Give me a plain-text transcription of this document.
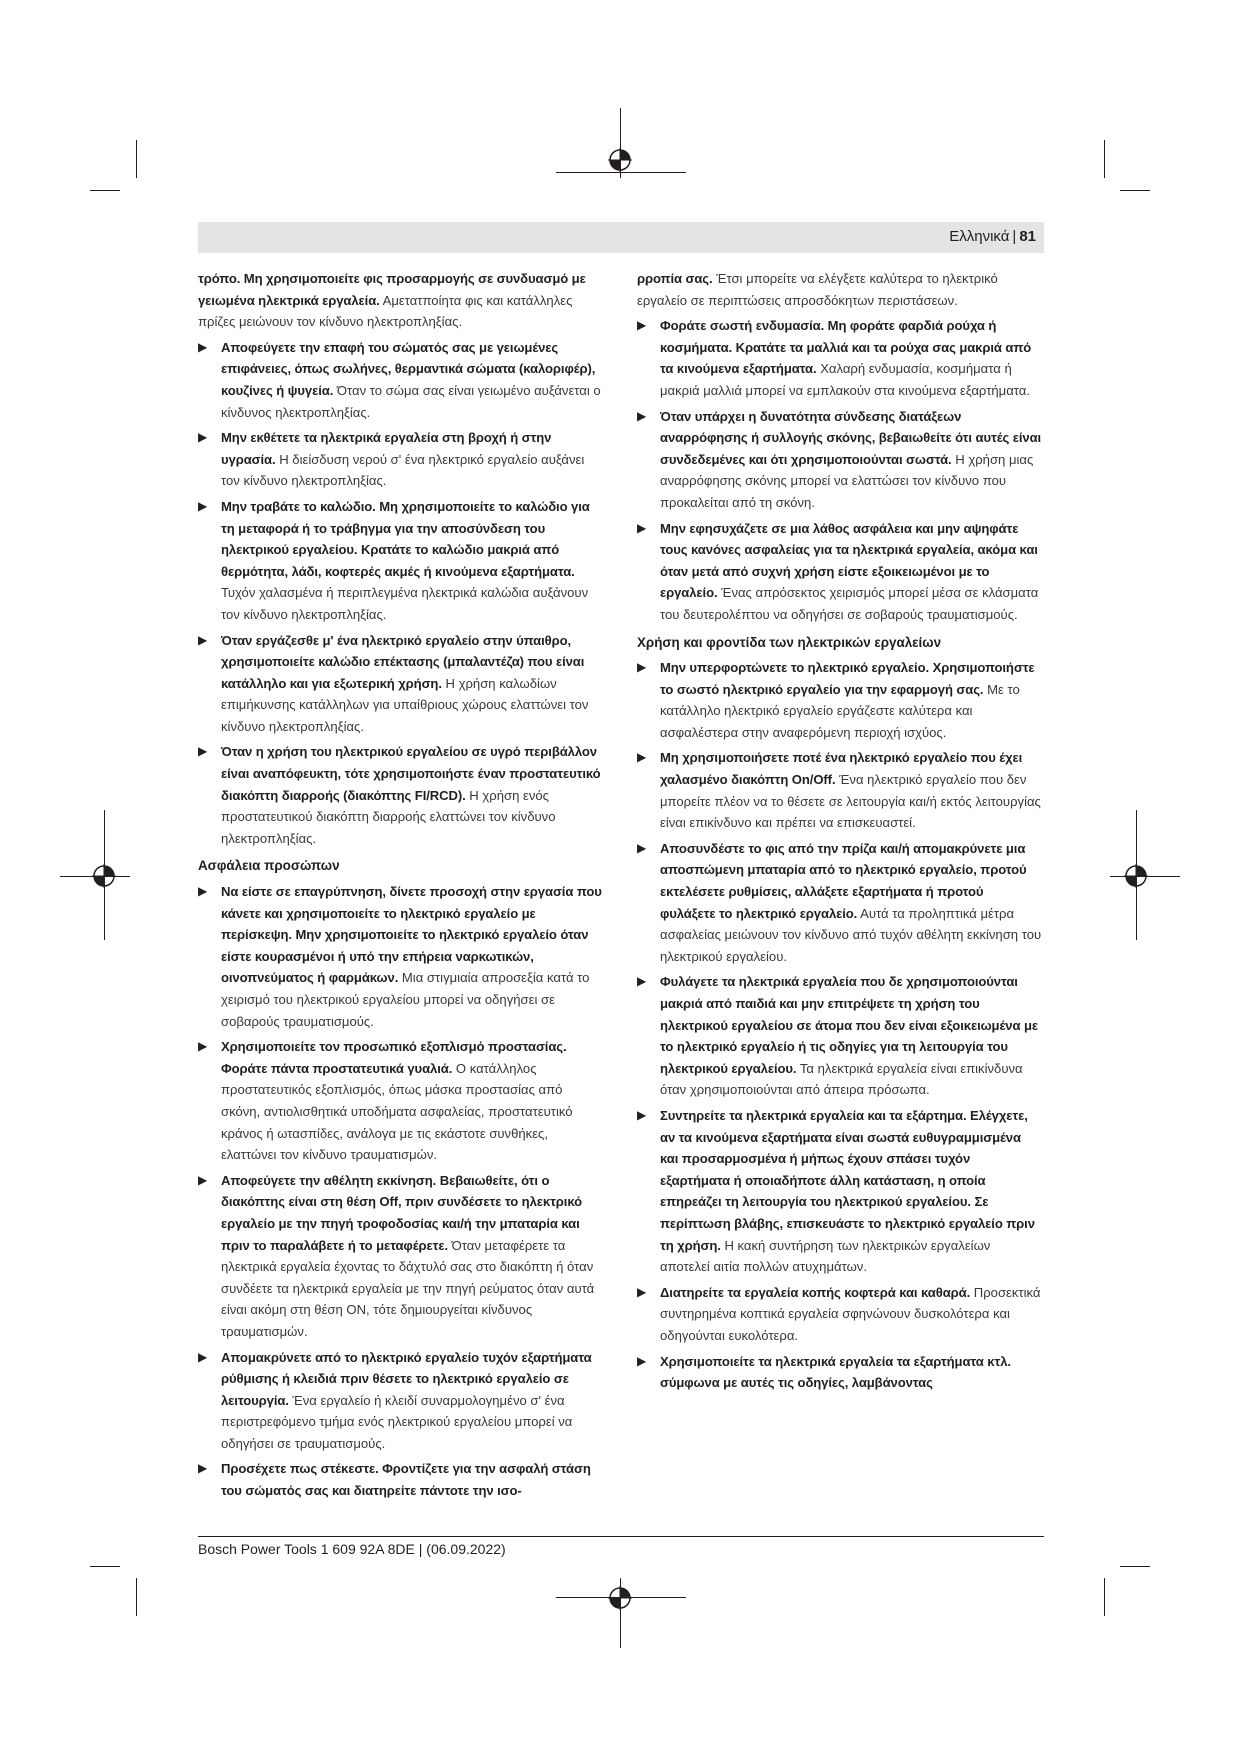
Ελληνικά | 81
τρόπο. Μη χρησιμοποιείτε φις προσαρμογής σε συνδυασμό με γειωμένα ηλεκτρικά εργαλεία. Αμετατποίητα φις και κατάλληλες πρίζες μειώνουν τον κίνδυνο ηλεκτροπληξίας.
▶ Αποφεύγετε την επαφή του σώματός σας με γειωμένες επιφάνειες, όπως σωλήνες, θερμαντικά σώματα (καλοριφέρ), κουζίνες ή ψυγεία. Όταν το σώμα σας είναι γειωμένο αυξάνεται ο κίνδυνος ηλεκτροπληξίας.
▶ Μην εκθέτετε τα ηλεκτρικά εργαλεία στη βροχή ή στην υγρασία. Η διείσδυση νερού σ' ένα ηλεκτρικό εργαλείο αυξάνει τον κίνδυνο ηλεκτροπληξίας.
▶ Μην τραβάτε το καλώδιο. Μη χρησιμοποιείτε το καλώδιο για τη μεταφορά ή το τράβηγμα για την αποσύνδεση του ηλεκτρικού εργαλείου. Κρατάτε το καλώδιο μακριά από θερμότητα, λάδι, κοφτερές ακμές ή κινούμενα εξαρτήματα. Τυχόν χαλασμένα ή περιπλεγμένα ηλεκτρικά καλώδια αυξάνουν τον κίνδυνο ηλεκτροπληξίας.
▶ Όταν εργάζεσθε μ' ένα ηλεκτρικό εργαλείο στην ύπαιθρο, χρησιμοποιείτε καλώδιο επέκτασης (μπαλαντέζα) που είναι κατάλληλο και για εξωτερική χρήση. Η χρήση καλωδίων επιμήκυνσης κατάλληλων για υπαίθριους χώρους ελαττώνει τον κίνδυνο ηλεκτροπληξίας.
▶ Όταν η χρήση του ηλεκτρικού εργαλείου σε υγρό περιβάλλον είναι αναπόφευκτη, τότε χρησιμοποιήστε έναν προστατευτικό διακόπτη διαρροής (διακόπτης FI/RCD). Η χρήση ενός προστατευτικού διακόπτη διαρροής ελαττώνει τον κίνδυνο ηλεκτροπληξίας.
Ασφάλεια προσώπων
▶ Να είστε σε επαγρύπνηση, δίνετε προσοχή στην εργασία που κάνετε και χρησιμοποιείτε το ηλεκτρικό εργαλείο με περίσκεψη. Μην χρησιμοποιείτε το ηλεκτρικό εργαλείο όταν είστε κουρασμένοι ή υπό την επήρεια ναρκωτικών, οινοπνεύματος ή φαρμάκων. Μια στιγμιαία απροσεξία κατά το χειρισμό του ηλεκτρικού εργαλείου μπορεί να οδηγήσει σε σοβαρούς τραυματισμούς.
▶ Χρησιμοποιείτε τον προσωπικό εξοπλισμό προστασίας. Φοράτε πάντα προστατευτικά γυαλιά. Ο κατάλληλος προστατευτικός εξοπλισμός, όπως μάσκα προστασίας από σκόνη, αντιολισθητικά υποδήματα ασφαλείας, προστατευτικό κράνος ή ωτασπίδες, ανάλογα με τις εκάστοτε συνθήκες, ελαττώνει τον κίνδυνο τραυματισμών.
▶ Αποφεύγετε την αθέλητη εκκίνηση. Βεβαιωθείτε, ότι ο διακόπτης είναι στη θέση Off, πριν συνδέσετε το ηλεκτρικό εργαλείο με την πηγή τροφοδοσίας και/ή την μπαταρία και πριν το παραλάβετε ή το μεταφέρετε. Όταν μεταφέρετε τα ηλεκτρικά εργαλεία έχοντας το δάχτυλό σας στο διακόπτη ή όταν συνδέετε τα ηλεκτρικά εργαλεία με την πηγή ρεύματος όταν αυτά είναι ακόμη στη θέση ON, τότε δημιουργείται κίνδυνος τραυματισμών.
▶ Απομακρύνετε από το ηλεκτρικό εργαλείο τυχόν εξαρτήματα ρύθμισης ή κλειδιά πριν θέσετε το ηλεκτρικό εργαλείο σε λειτουργία. Ένα εργαλείο ή κλειδί συναρμολογημένο σ' ένα περιστρεφόμενο τμήμα ενός ηλεκτρικού εργαλείου μπορεί να οδηγήσει σε τραυματισμούς.
▶ Προσέχετε πως στέκεστε. Φροντίζετε για την ασφαλή στάση του σώματός σας και διατηρείτε πάντοτε την ισο-
ρροπία σας. Έτσι μπορείτε να ελέγξετε καλύτερα το ηλεκτρικό εργαλείο σε περιπτώσεις απροσδόκητων περιστάσεων.
▶ Φοράτε σωστή ενδυμασία. Μη φοράτε φαρδιά ρούχα ή κοσμήματα. Κρατάτε τα μαλλιά και τα ρούχα σας μακριά από τα κινούμενα εξαρτήματα. Χαλαρή ενδυμασία, κοσμήματα ή μακριά μαλλιά μπορεί να εμπλακούν στα κινούμενα εξαρτήματα.
▶ Όταν υπάρχει η δυνατότητα σύνδεσης διατάξεων αναρρόφησης ή συλλογής σκόνης, βεβαιωθείτε ότι αυτές είναι συνδεδεμένες και ότι χρησιμοποιούνται σωστά. Η χρήση μιας αναρρόφησης σκόνης μπορεί να ελαττώσει τον κίνδυνο που προκαλείται από τη σκόνη.
▶ Μην εφησυχάζετε σε μια λάθος ασφάλεια και μην αψηφάτε τους κανόνες ασφαλείας για τα ηλεκτρικά εργαλεία, ακόμα και όταν μετά από συχνή χρήση είστε εξοικειωμένοι με το εργαλείο. Ένας απρόσεκτος χειρισμός μπορεί μέσα σε κλάσματα του δευτερολέπτου να οδηγήσει σε σοβαρούς τραυματισμούς.
Χρήση και φροντίδα των ηλεκτρικών εργαλείων
▶ Μην υπερφορτώνετε το ηλεκτρικό εργαλείο. Χρησιμοποιήστε το σωστό ηλεκτρικό εργαλείο για την εφαρμογή σας. Με το κατάλληλο ηλεκτρικό εργαλείο εργάζεστε καλύτερα και ασφαλέστερα στην αναφερόμενη περιοχή ισχύος.
▶ Μη χρησιμοποιήσετε ποτέ ένα ηλεκτρικό εργαλείο που έχει χαλασμένο διακόπτη On/Off. Ένα ηλεκτρικό εργαλείο που δεν μπορείτε πλέον να το θέσετε σε λειτουργία και/ή εκτός λειτουργίας είναι επικίνδυνο και πρέπει να επισκευαστεί.
▶ Αποσυνδέστε το φις από την πρίζα και/ή απομακρύνετε μια αποσπώμενη μπαταρία από το ηλεκτρικό εργαλείο, προτού εκτελέσετε ρυθμίσεις, αλλάξετε εξαρτήματα ή προτού φυλάξετε το ηλεκτρικό εργαλείο. Αυτά τα προληπτικά μέτρα ασφαλείας μειώνουν τον κίνδυνο από τυχόν αθέλητη εκκίνηση του ηλεκτρικού εργαλείου.
▶ Φυλάγετε τα ηλεκτρικά εργαλεία που δε χρησιμοποιούνται μακριά από παιδιά και μην επιτρέψετε τη χρήση του ηλεκτρικού εργαλείου σε άτομα που δεν είναι εξοικειωμένα με το ηλεκτρικό εργαλείο ή τις οδηγίες για τη λειτουργία του ηλεκτρικού εργαλείου. Τα ηλεκτρικά εργαλεία είναι επικίνδυνα όταν χρησιμοποιούνται από άπειρα πρόσωπα.
▶ Συντηρείτε τα ηλεκτρικά εργαλεία και τα εξάρτημα. Ελέγχετε, αν τα κινούμενα εξαρτήματα είναι σωστά ευθυγραμμισμένα και προσαρμοσμένα ή μήπως έχουν σπάσει τυχόν εξαρτήματα ή οποιαδήποτε άλλη κατάσταση, η οποία επηρεάζει τη λειτουργία του ηλεκτρικού εργαλείου. Σε περίπτωση βλάβης, επισκευάστε το ηλεκτρικό εργαλείο πριν τη χρήση. Η κακή συντήρηση των ηλεκτρικών εργαλείων αποτελεί αιτία πολλών ατυχημάτων.
▶ Διατηρείτε τα εργαλεία κοπής κοφτερά και καθαρά. Προσεκτικά συντηρημένα κοπτικά εργαλεία σφηνώνουν δυσκολότερα και οδηγούνται ευκολότερα.
▶ Χρησιμοποιείτε τα ηλεκτρικά εργαλεία τα εξαρτήματα κτλ. σύμφωνα με αυτές τις οδηγίες, λαμβάνοντας
Bosch Power Tools 1 609 92A 8DE | (06.09.2022)
